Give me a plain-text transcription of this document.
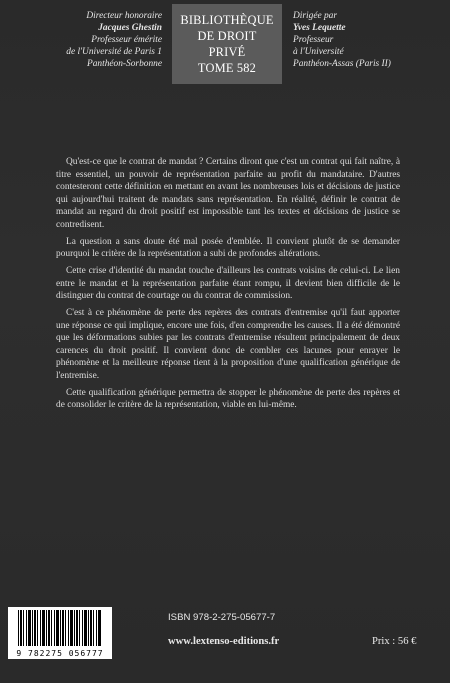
Directeur honoraire
Jacques Ghestin
Professeur émérite
de l'Université de Paris 1
Panthéon-Sorbonne
BIBLIOTHÈQUE
DE DROIT
PRIVÉ
TOME 582
Dirigée par
Yves Lequette
Professeur
à l'Université
Panthéon-Assas (Paris II)

Qu'est-ce que le contrat de mandat ? Certains diront que c'est un contrat qui fait naître, à titre essentiel, un pouvoir de représentation parfaite au profit du mandataire. D'autres contesteront cette définition en mettant en avant les nombreuses lois et décisions de justice qui aujourd'hui traitent de mandats sans représentation. En réalité, définir le contrat de mandat au regard du droit positif est impossible tant les textes et décisions de justice se contredisent.

La question a sans doute été mal posée d'emblée. Il convient plutôt de se demander pourquoi le critère de la représentation a subi de profondes altérations.

Cette crise d'identité du mandat touche d'ailleurs les contrats voisins de celui-ci. Le lien entre le mandat et la représentation parfaite étant rompu, il devient bien difficile de le distinguer du contrat de courtage ou du contrat de commission.

C'est à ce phénomène de perte des repères des contrats d'entremise qu'il faut apporter une réponse ce qui implique, encore une fois, d'en comprendre les causes. Il a été démontré que les déformations subies par les contrats d'entremise résultent principalement de deux carences du droit positif. Il convient donc de combler ces lacunes pour enrayer le phénomène et la meilleure réponse tient à la proposition d'une qualification générique de l'entremise.

Cette qualification générique permettra de stopper le phénomène de perte des repères et de consolider le critère de la représentation, viable en lui-même.

9 782275 056777
ISBN 978-2-275-05677-7
www.lextenso-editions.fr	Prix : 56 €
